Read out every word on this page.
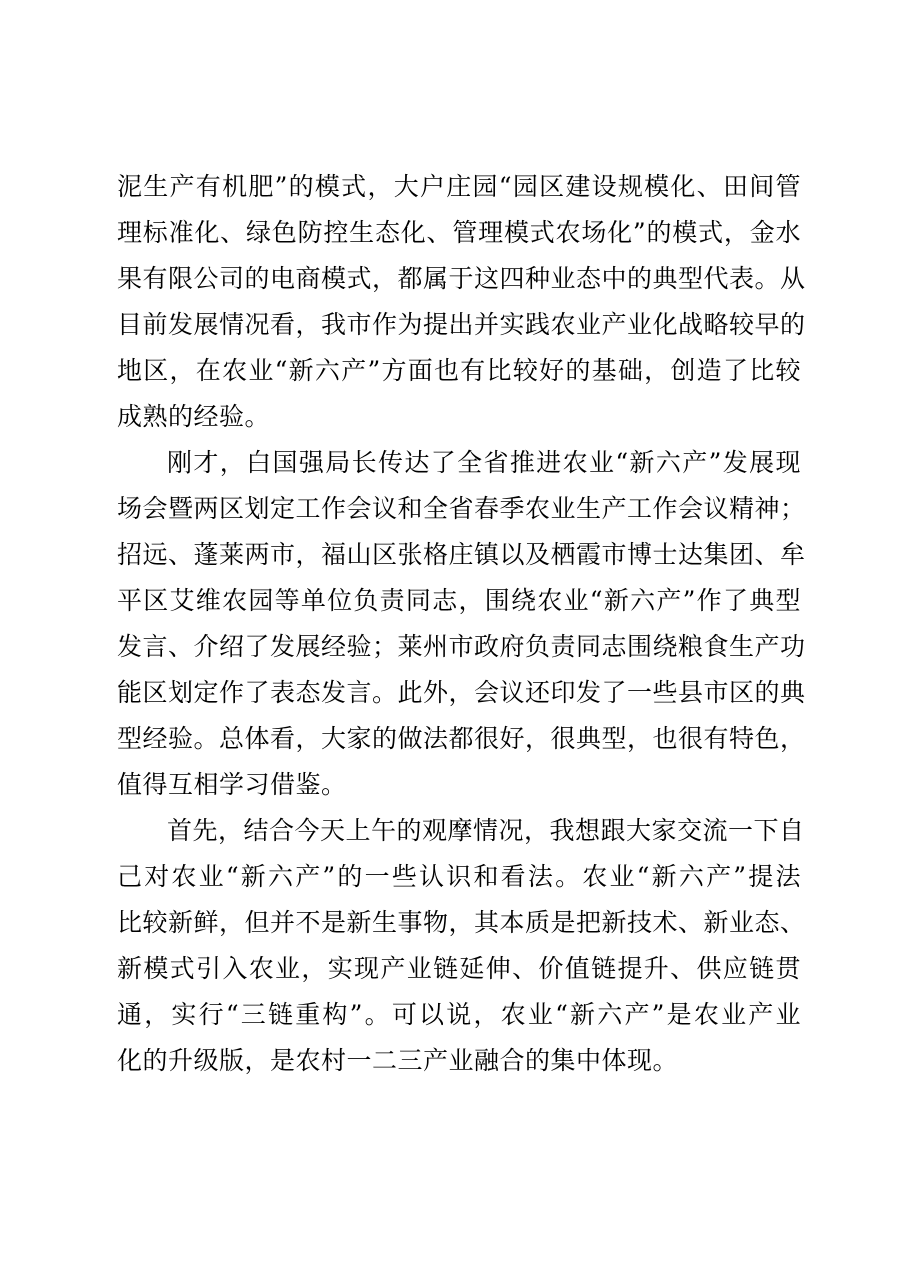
泥生产有机肥”的模式，大户庄园“园区建设规模化、田间管
理标准化、绿色防控生态化、管理模式农场化”的模式，金水
果有限公司的电商模式，都属于这四种业态中的典型代表。从
目前发展情况看，我市作为提出并实践农业产业化战略较早的
地区，在农业“新六产”方面也有比较好的基础，创造了比较
成熟的经验。
刚才，白国强局长传达了全省推进农业“新六产”发展现
场会暨两区划定工作会议和全省春季农业生产工作会议精神；
招远、蓬莱两市，福山区张格庄镇以及栖霞市博士达集团、牟
平区艾维农园等单位负责同志，围绕农业“新六产”作了典型
发言、介绍了发展经验；莱州市政府负责同志围绕粮食生产功
能区划定作了表态发言。此外，会议还印发了一些县市区的典
型经验。总体看，大家的做法都很好，很典型，也很有特色，
值得互相学习借鉴。
首先，结合今天上午的观摩情况，我想跟大家交流一下自
己对农业“新六产”的一些认识和看法。农业“新六产”提法
比较新鲜，但并不是新生事物，其本质是把新技术、新业态、
新模式引入农业，实现产业链延伸、价值链提升、供应链贯
通，实行“三链重构”。可以说，农业“新六产”是农业产业
化的升级版，是农村一二三产业融合的集中体现。
